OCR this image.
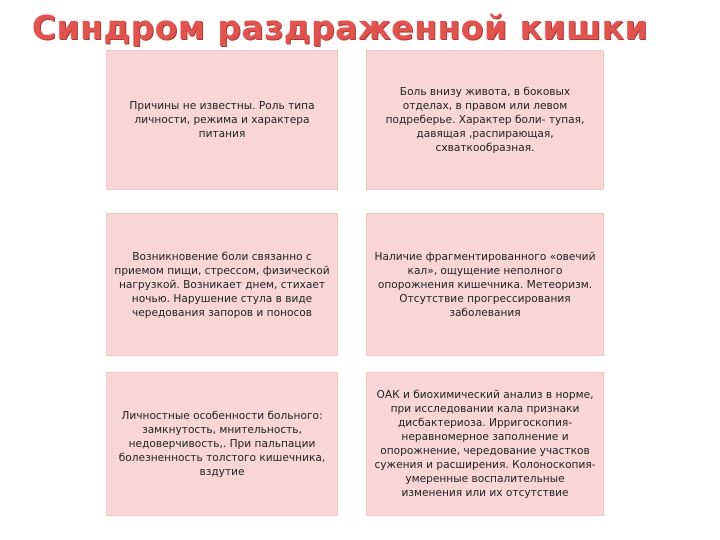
Синдром раздраженной кишки
Причины не известны. Роль типа личности, режима и характера питания
Боль внизу живота, в боковых отделах, в правом или левом подреберье. Характер боли- тупая, давящая ,распирающая, схваткообразная.
Возникновение боли связанно с приемом пищи, стрессом, физической нагрузкой. Возникает днем, стихает ночью. Нарушение стула в виде чередования запоров и поносов
Наличие фрагментированного «овечий кал», ощущение неполного опорожнения кишечника. Метеоризм. Отсутствие прогрессирования заболевания
Личностные особенности больного: замкнутость, мнительность, недоверчивость,. При пальпации болезненность толстого кишечника, вздутие
ОАК и биохимический анализ в норме, при исследовании кала признаки дисбактериоза. Ирригоскопия- неравномерное заполнение и опорожнение, чередование участков сужения и расширения. Колоноскопия- умеренные воспалительные изменения или их отсутствие
